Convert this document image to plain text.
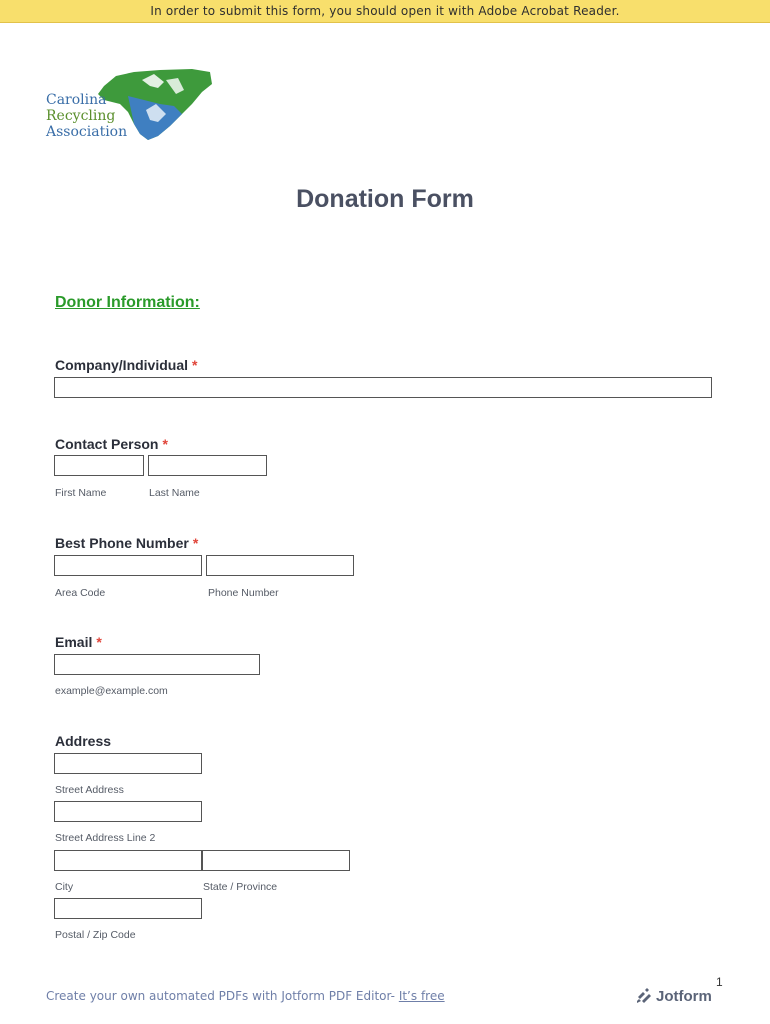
In order to submit this form, you should open it with Adobe Acrobat Reader.
Carolina
Recycling
Association
Donation Form
Donor Information:
Company/Individual *
Contact Person *
First Name	Last Name
Best Phone Number *
Area Code	Phone Number
Email *
example@example.com
Address
Street Address
Street Address Line 2
City	State / Province
Postal / Zip Code
1
Create your own automated PDFs with Jotform PDF Editor- It’s free	Jotform
